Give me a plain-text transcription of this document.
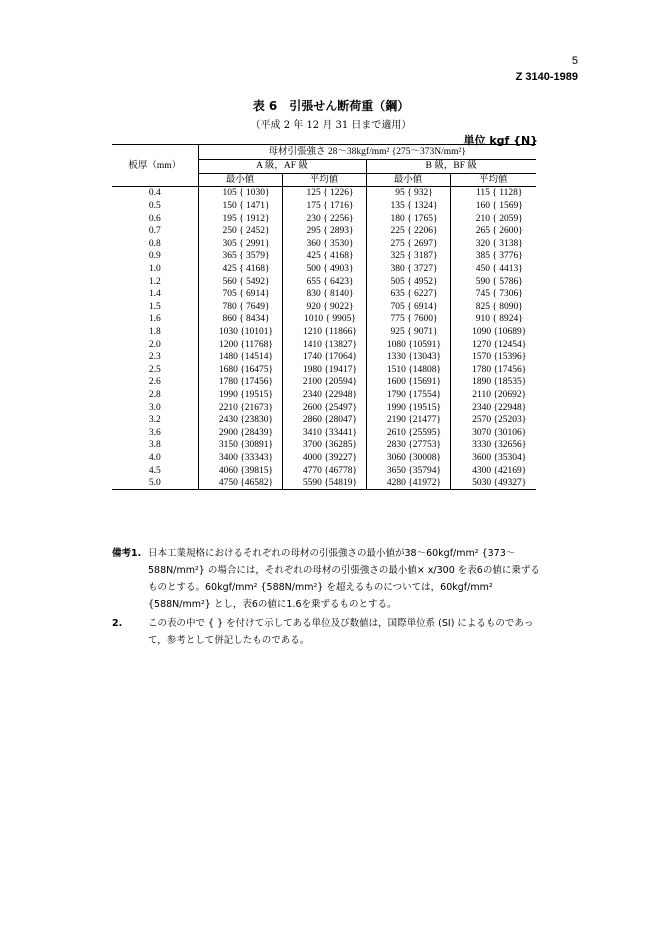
5
Z 3140-1989
表 6　引張せん断荷重（鋼）
（平成 2 年 12 月 31 日まで適用）
単位 kgf {N}
板厚（mm）	母材引張強さ 28〜38kgf/mm² {275〜373N/mm²}			
	A 級，AF 級		B 級，BF 級	
	最小値	平均値	最小値	平均値
0.4	105 { 1030}	125 { 1226}	95 { 932}	115 { 1128}
0.5	150 { 1471}	175 { 1716}	135 { 1324}	160 { 1569}
0.6	195 { 1912}	230 { 2256}	180 { 1765}	210 { 2059}
0.7	250 { 2452}	295 { 2893}	225 { 2206}	265 { 2600}
0.8	305 { 2991}	360 { 3530}	275 { 2697}	320 { 3138}
0.9	365 { 3579}	425 { 4168}	325 { 3187}	385 { 3776}
1.0	425 { 4168}	500 { 4903}	380 { 3727}	450 { 4413}
1.2	560 { 5492}	655 { 6423}	505 { 4952}	590 { 5786}
1.4	705 { 6914}	830 { 8140}	635 { 6227}	745 { 7306}
1.5	780 { 7649}	920 { 9022}	705 { 6914}	825 { 8090}
1.6	860 { 8434}	1010 { 9905}	775 { 7600}	910 { 8924}
1.8	1030 {10101}	1210 {11866}	925 { 9071}	1090 {10689}
2.0	1200 {11768}	1410 {13827}	1080 {10591}	1270 {12454}
2.3	1480 {14514}	1740 {17064}	1330 {13043}	1570 {15396}
2.5	1680 {16475}	1980 {19417}	1510 {14808}	1780 {17456}
2.6	1780 {17456}	2100 {20594}	1600 {15691}	1890 {18535}
2.8	1990 {19515}	2340 {22948}	1790 {17554}	2110 {20692}
3.0	2210 {21673}	2600 {25497}	1990 {19515}	2340 {22948}
3.2	2430 {23830}	2860 {28047}	2190 {21477}	2570 {25203}
3.6	2900 {28439}	3410 {33441}	2610 {25595}	3070 {30106}
3.8	3150 {30891}	3700 {36285}	2830 {27753}	3330 {32656}
4.0	3400 {33343}	4000 {39227}	3060 {30008}	3600 {35304}
4.5	4060 {39815}	4770 {46778}	3650 {35794}	4300 {42169}
5.0	4750 {46582}	5590 {54819}	4280 {41972}	5030 {49327}
備考1. 日本工業規格におけるそれぞれの母材の引張強さの最小値が38〜60kgf/mm² {373〜588N/mm²} の場合には，それぞれの母材の引張強さの最小値× x/300 を表6の値に乗ずるものとする。60kgf/mm² {588N/mm²} を超えるものについては，60kgf/mm² {588N/mm²} とし，表6の値に1.6を乗ずるものとする。
2.	この表の中で { } を付けて示してある単位及び数値は，国際単位系 (SI) によるものであって，参考として併記したものである。
